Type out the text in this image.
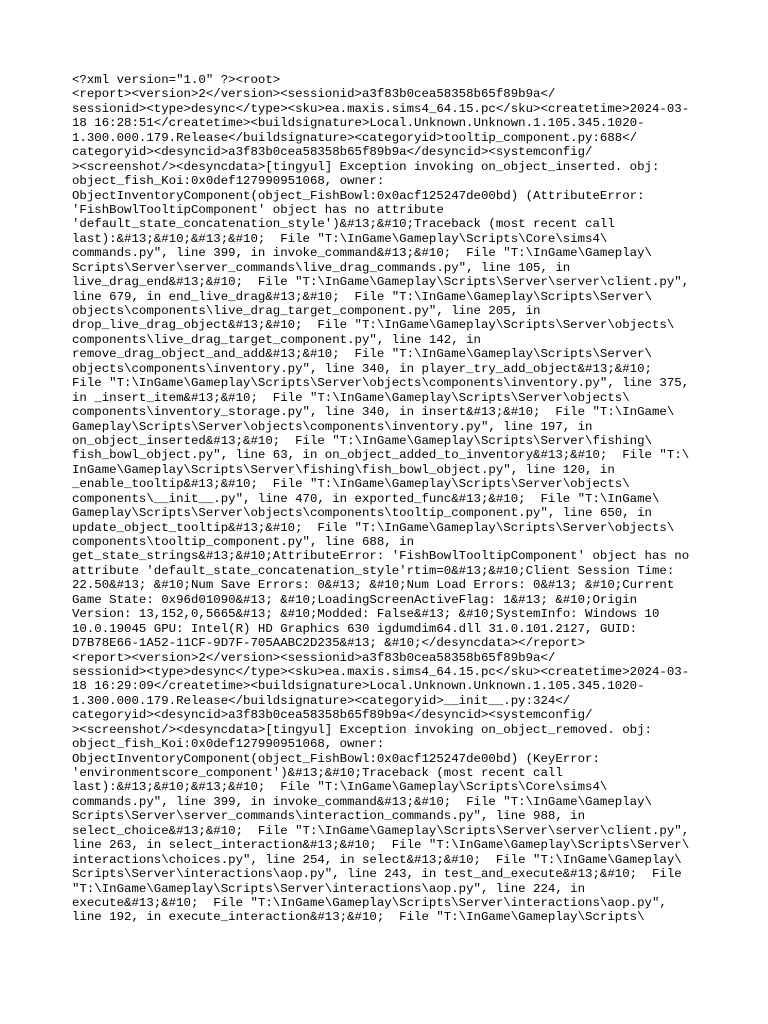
<?xml version="1.0" ?><root>
<report><version>2</version><sessionid>a3f83b0cea58358b65f89b9a</
sessionid><type>desync</type><sku>ea.maxis.sims4_64.15.pc</sku><createtime>2024-03-
18 16:28:51</createtime><buildsignature>Local.Unknown.Unknown.1.105.345.1020-
1.300.000.179.Release</buildsignature><categoryid>tooltip_component.py:688</
categoryid><desyncid>a3f83b0cea58358b65f89b9a</desyncid><systemconfig/
><screenshot/><desyncdata>[tingyul] Exception invoking on_object_inserted. obj:
object_fish_Koi:0x0def127990951068, owner:
ObjectInventoryComponent(object_FishBowl:0x0acf125247de00bd) (AttributeError:
'FishBowlTooltipComponent' object has no attribute
'default_state_concatenation_style')&#13;&#10;Traceback (most recent call
last):&#13;&#10;&#13;&#10;  File "T:\InGame\Gameplay\Scripts\Core\sims4\
commands.py", line 399, in invoke_command&#13;&#10;  File "T:\InGame\Gameplay\
Scripts\Server\server_commands\live_drag_commands.py", line 105, in
live_drag_end&#13;&#10;  File "T:\InGame\Gameplay\Scripts\Server\server\client.py",
line 679, in end_live_drag&#13;&#10;  File "T:\InGame\Gameplay\Scripts\Server\
objects\components\live_drag_target_component.py", line 205, in
drop_live_drag_object&#13;&#10;  File "T:\InGame\Gameplay\Scripts\Server\objects\
components\live_drag_target_component.py", line 142, in
remove_drag_object_and_add&#13;&#10;  File "T:\InGame\Gameplay\Scripts\Server\
objects\components\inventory.py", line 340, in player_try_add_object&#13;&#10;
File "T:\InGame\Gameplay\Scripts\Server\objects\components\inventory.py", line 375,
in _insert_item&#13;&#10;  File "T:\InGame\Gameplay\Scripts\Server\objects\
components\inventory_storage.py", line 340, in insert&#13;&#10;  File "T:\InGame\
Gameplay\Scripts\Server\objects\components\inventory.py", line 197, in
on_object_inserted&#13;&#10;  File "T:\InGame\Gameplay\Scripts\Server\fishing\
fish_bowl_object.py", line 63, in on_object_added_to_inventory&#13;&#10;  File "T:\
InGame\Gameplay\Scripts\Server\fishing\fish_bowl_object.py", line 120, in
_enable_tooltip&#13;&#10;  File "T:\InGame\Gameplay\Scripts\Server\objects\
components\__init__.py", line 470, in exported_func&#13;&#10;  File "T:\InGame\
Gameplay\Scripts\Server\objects\components\tooltip_component.py", line 650, in
update_object_tooltip&#13;&#10;  File "T:\InGame\Gameplay\Scripts\Server\objects\
components\tooltip_component.py", line 688, in
get_state_strings&#13;&#10;AttributeError: 'FishBowlTooltipComponent' object has no
attribute 'default_state_concatenation_style'rtim=0&#13;&#10;Client Session Time:
22.50&#13; &#10;Num Save Errors: 0&#13; &#10;Num Load Errors: 0&#13; &#10;Current
Game State: 0x96d01090&#13; &#10;LoadingScreenActiveFlag: 1&#13; &#10;Origin
Version: 13,152,0,5665&#13; &#10;Modded: False&#13; &#10;SystemInfo: Windows 10
10.0.19045 GPU: Intel(R) HD Graphics 630 igdumdim64.dll 31.0.101.2127, GUID:
D7B78E66-1A52-11CF-9D7F-705AABC2D235&#13; &#10;</desyncdata></report>
<report><version>2</version><sessionid>a3f83b0cea58358b65f89b9a</
sessionid><type>desync</type><sku>ea.maxis.sims4_64.15.pc</sku><createtime>2024-03-
18 16:29:09</createtime><buildsignature>Local.Unknown.Unknown.1.105.345.1020-
1.300.000.179.Release</buildsignature><categoryid>__init__.py:324</
categoryid><desyncid>a3f83b0cea58358b65f89b9a</desyncid><systemconfig/
><screenshot/><desyncdata>[tingyul] Exception invoking on_object_removed. obj:
object_fish_Koi:0x0def127990951068, owner:
ObjectInventoryComponent(object_FishBowl:0x0acf125247de00bd) (KeyError:
'environmentscore_component')&#13;&#10;Traceback (most recent call
last):&#13;&#10;&#13;&#10;  File "T:\InGame\Gameplay\Scripts\Core\sims4\
commands.py", line 399, in invoke_command&#13;&#10;  File "T:\InGame\Gameplay\
Scripts\Server\server_commands\interaction_commands.py", line 988, in
select_choice&#13;&#10;  File "T:\InGame\Gameplay\Scripts\Server\server\client.py",
line 263, in select_interaction&#13;&#10;  File "T:\InGame\Gameplay\Scripts\Server\
interactions\choices.py", line 254, in select&#13;&#10;  File "T:\InGame\Gameplay\
Scripts\Server\interactions\aop.py", line 243, in test_and_execute&#13;&#10;  File
"T:\InGame\Gameplay\Scripts\Server\interactions\aop.py", line 224, in
execute&#13;&#10;  File "T:\InGame\Gameplay\Scripts\Server\interactions\aop.py",
line 192, in execute_interaction&#13;&#10;  File "T:\InGame\Gameplay\Scripts\
